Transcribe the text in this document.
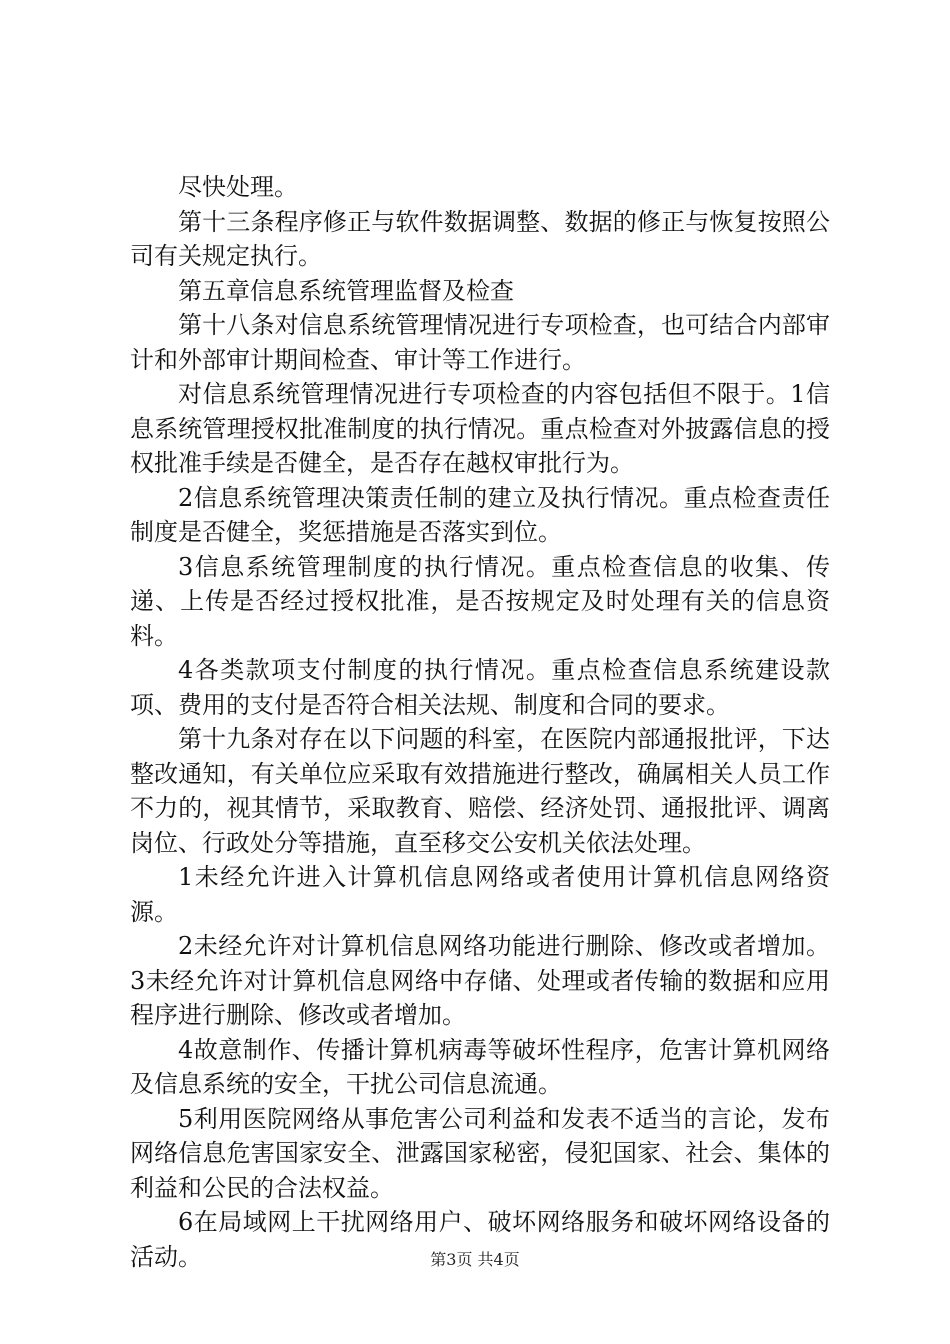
尽快处理。

第十三条程序修正与软件数据调整、数据的修正与恢复按照公司有关规定执行。

第五章信息系统管理监督及检查

第十八条对信息系统管理情况进行专项检查，也可结合内部审计和外部审计期间检查、审计等工作进行。

对信息系统管理情况进行专项检查的内容包括但不限于。1信息系统管理授权批准制度的执行情况。重点检查对外披露信息的授权批准手续是否健全，是否存在越权审批行为。

2信息系统管理决策责任制的建立及执行情况。重点检查责任制度是否健全，奖惩措施是否落实到位。

3信息系统管理制度的执行情况。重点检查信息的收集、传递、上传是否经过授权批准，是否按规定及时处理有关的信息资料。

4各类款项支付制度的执行情况。重点检查信息系统建设款项、费用的支付是否符合相关法规、制度和合同的要求。

第十九条对存在以下问题的科室，在医院内部通报批评，下达整改通知，有关单位应采取有效措施进行整改，确属相关人员工作不力的，视其情节，采取教育、赔偿、经济处罚、通报批评、调离岗位、行政处分等措施，直至移交公安机关依法处理。

1未经允许进入计算机信息网络或者使用计算机信息网络资源。

2未经允许对计算机信息网络功能进行删除、修改或者增加。3未经允许对计算机信息网络中存储、处理或者传输的数据和应用程序进行删除、修改或者增加。

4故意制作、传播计算机病毒等破坏性程序，危害计算机网络及信息系统的安全，干扰公司信息流通。

5利用医院网络从事危害公司利益和发表不适当的言论，发布网络信息危害国家安全、泄露国家秘密，侵犯国家、社会、集体的利益和公民的合法权益。

6在局域网上干扰网络用户、破坏网络服务和破坏网络设备的活动。	第3页 共4页
